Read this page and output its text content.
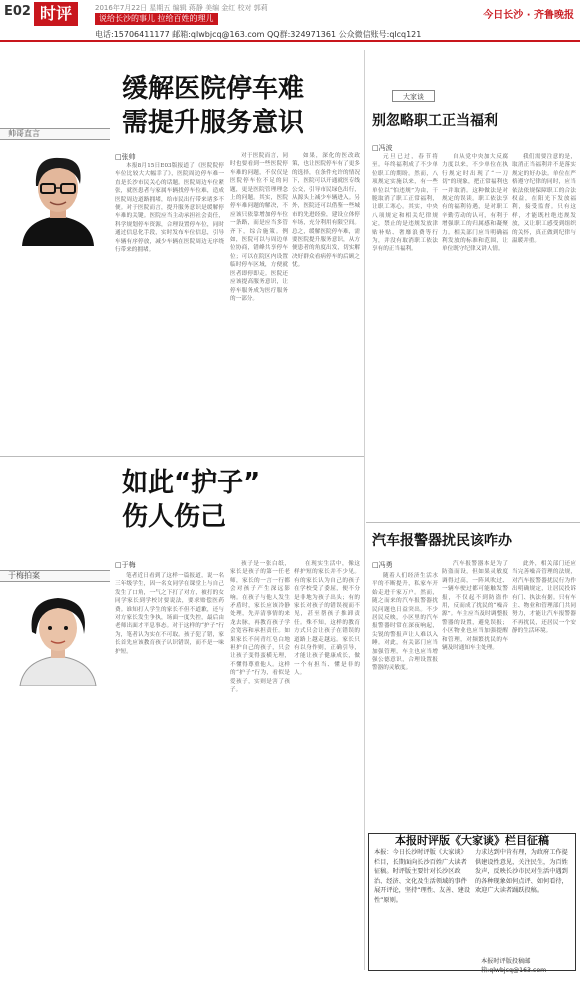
E02 时评	2016年7月22日 星期五 编辑 蒋静 美编 金红 校对 郭莉
说给长沙的事儿 拉给百姓的理儿
电话:15706411177 邮箱:qlwbjcq@163.com QQ群:324971361 公众微信账号:qlcq121
今日长沙 · 齐鲁晚报
帅哥直言
缓解医院停车难
需提升服务意识
□张帅
本报8月15日E03版报道了《医院院停车位比较大大幅幸了》，医院周边停车难一直是长沙市民关心的话题。医院周边车位紧张，就医患者与家属车辆找停车位难，造成医院周边道路拥堵，给市民出行带来诸多不便。对于医院而言，提升服务意识是缓解停车难的关键。医院应当主动承担社会责任，科学规划停车资源，合理设置停车位，同时通过信息化手段，实时发布车位信息，引导车辆有序停放，减少车辆在医院周边无序绕行带来的拥堵。
对于医院而言，同时也要看到一些医院停车难的问题，不仅仅是医院停车位不足的问题，更是医院管理理念上的问题。其实，医院停车难问题的解决，不应该只依靠增加停车位一条路，而是应当多管齐下，综合施策。例如，医院可以与周边单位协商，错峰共享停车位；可以在院区内设置临时停车区域，方便就医者即停即走。医院还应该提高服务意识，让停车服务成为医疗服务的一部分。
如果，深化的医改政策，也让医院停车有了更多的选择，在条件允许的情况下，医院可以开通就医专线公交，引导市民绿色出行，从源头上减少车辆进入。另外，医院还可以借鉴一些城市的先进经验，建设立体停车场，充分利用有限空间。总之，缓解医院停车难，需要医院提升服务意识，从方便患者的角度出发，切实解决好群众看病停车的后顾之忧。
于梅拍案
如此“护子”
伤人伤己
□于梅
笔者近日看到了这样一篇报道，说一名三年级学生，因一名女同学在课堂上与自己发生了口角，一气之下打了对方，被打的女同学家长到学校讨要说法，要求赔偿医药费。谁知打人学生的家长不但不道歉，还与对方家长发生争执，场面一度失控，最后由老师出面才平息事态。对于这样的“护子”行为，笔者认为实在不可取。孩子犯了错，家长首先应该教育孩子认识错误，而不是一味护短。
孩子是一张白纸，家长是孩子的第一任老师，家长的一言一行都会对孩子产生深远影响。在孩子与他人发生矛盾时，家长应该冷静处理，先弄清事情的来龙去脉，再教育孩子学会宽容和承担责任。如果家长不问青红皂白地袒护自己的孩子，只会让孩子变得蛮横无理，不懂得尊重他人。这样的“护子”行为，看似是爱孩子，实则是害了孩子。
在现实生活中，像这样护短的家长并不少见。有的家长认为自己的孩子在学校受了委屈，便不分是非地为孩子出头；有的家长对孩子的错误视而不见，甚至帮孩子推卸责任。殊不知，这样的教育方式只会让孩子在错误的道路上越走越远。家长只有以身作则，正确引导，才能让孩子健康成长，做一个有担当、懂是非的人。
大家谈
别忽略职工正当福利
□冯波
元旦已过，春节将至。年终福利成了不少单位职工的期盼。然而，八项规定实施以来，有一些单位以“怕违规”为由，干脆取消了职工正常福利，让职工寒心。其实，中央八项规定和相关纪律规定，禁止的是违规发放津贴补贴、奢靡浪费等行为，并没有取消职工依法享有的正当福利。
自从党中央加大反腐力度以来，不少单位在执行规定时出现了“一刀切”的现象，把正常福利也一并取消。这种做法是对规定的误读。职工依法享有的福利待遇，是对职工辛勤劳动的认可，有利于增强职工的归属感和凝聚力。相关部门应当明确福利发放的标准和范围，让单位既守纪律又讲人情。
我们需要注意的是，取消正当福利并不是落实规定的好办法。单位在严格遵守纪律的同时，应当依法依规保障职工的合法权益，在阳光下发放福利，接受监督。只有这样，才能既杜绝违规发放，又让职工感受到组织的关怀，真正做到纪律与温暖并重。
汽车报警器扰民该咋办
□冯勇
随着人们经济生活水平的不断提升，私家车开始走进千家万户。然而，随之而来的汽车报警器扰民问题也日益突出。不少居民反映，小区里的汽车报警器时常在深夜响起，尖锐的警报声让人难以入睡。对此，有关部门应当加强管理，车主也应当增强公德意识，合理设置报警器的灵敏度。
汽车报警器本是为了防盗而设，但如果灵敏度调得过高，一阵风吹过、一辆车驶过都可能触发警报，不仅起不到防盗作用，反而成了扰民的“噪音源”。车主应当及时调整报警器的设置，避免误报；小区物业也应当加强提醒和管理，对频繁扰民的车辆及时通知车主处理。
此外，相关部门还应当完善噪音管理的法规，对汽车报警器扰民行为作出明确规定，让居民投诉有门、执法有据。只有车主、物业和管理部门共同努力，才能让汽车报警器不再扰民，还居民一个安静的生活环境。
本报时评版《大家谈》栏目征稿
本报：今日长沙时评版《大家谈》栏目，长期面向长沙百姓广大读者征稿。时评版主要针对长沙区政治、经济、文化及生活领域的事件展开评论，坚持“理性、友善、建设性”原则。
力求达到中肯有理，为政府工作提供建设性意见，关注民生，为百姓发声，反映长沙市民对生活中遇到的各种现象如何点评、如何看待，欢迎广大读者踊跃投稿。
本报时评版投稿邮箱:qlwbjcq@163.com
